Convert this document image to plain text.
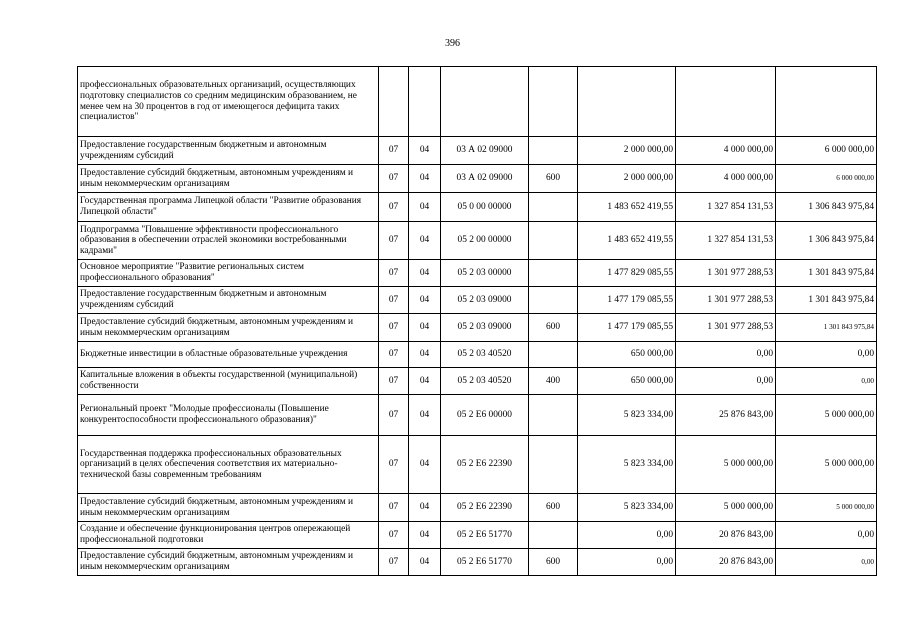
396
профессиональных образовательных организаций, осуществляющих подготовку специалистов со средним медицинским образованием, не менее чем на 30 процентов в год от имеющегося дефицита таких специалистов"							
Предоставление государственным бюджетным и автономным учреждениям субсидий	07	04	03 А 02 09000		2 000 000,00	4 000 000,00	6 000 000,00
Предоставление субсидий бюджетным, автономным учреждениям и иным некоммерческим организациям	07	04	03 А 02 09000	600	2 000 000,00	4 000 000,00	6 000 000,00
Государственная программа Липецкой области "Развитие образования Липецкой области"	07	04	05 0 00 00000		1 483 652 419,55	1 327 854 131,53	1 306 843 975,84
Подпрограмма "Повышение эффективности профессионального образования в обеспечении отраслей экономики востребованными кадрами"	07	04	05 2 00 00000		1 483 652 419,55	1 327 854 131,53	1 306 843 975,84
Основное мероприятие "Развитие региональных систем профессионального образования"	07	04	05 2 03 00000		1 477 829 085,55	1 301 977 288,53	1 301 843 975,84
Предоставление государственным бюджетным и автономным учреждениям субсидий	07	04	05 2 03 09000		1 477 179 085,55	1 301 977 288,53	1 301 843 975,84
Предоставление субсидий бюджетным, автономным учреждениям и иным некоммерческим организациям	07	04	05 2 03 09000	600	1 477 179 085,55	1 301 977 288,53	1 301 843 975,84
Бюджетные инвестиции в областные образовательные учреждения	07	04	05 2 03 40520		650 000,00	0,00	0,00
Капитальные вложения в объекты государственной (муниципальной) собственности	07	04	05 2 03 40520	400	650 000,00	0,00	0,00
Региональный проект "Молодые профессионалы (Повышение конкурентоспособности профессионального образования)"	07	04	05 2 Е6 00000		5 823 334,00	25 876 843,00	5 000 000,00
Государственная поддержка профессиональных образовательных организаций в целях обеспечения соответствия их материально-технической базы современным требованиям	07	04	05 2 Е6 22390		5 823 334,00	5 000 000,00	5 000 000,00
Предоставление субсидий бюджетным, автономным учреждениям и иным некоммерческим организациям	07	04	05 2 Е6 22390	600	5 823 334,00	5 000 000,00	5 000 000,00
Создание и обеспечение функционирования центров опережающей профессиональной подготовки	07	04	05 2 Е6 51770		0,00	20 876 843,00	0,00
Предоставление субсидий бюджетным, автономным учреждениям и иным некоммерческим организациям	07	04	05 2 Е6 51770	600	0,00	20 876 843,00	0,00
